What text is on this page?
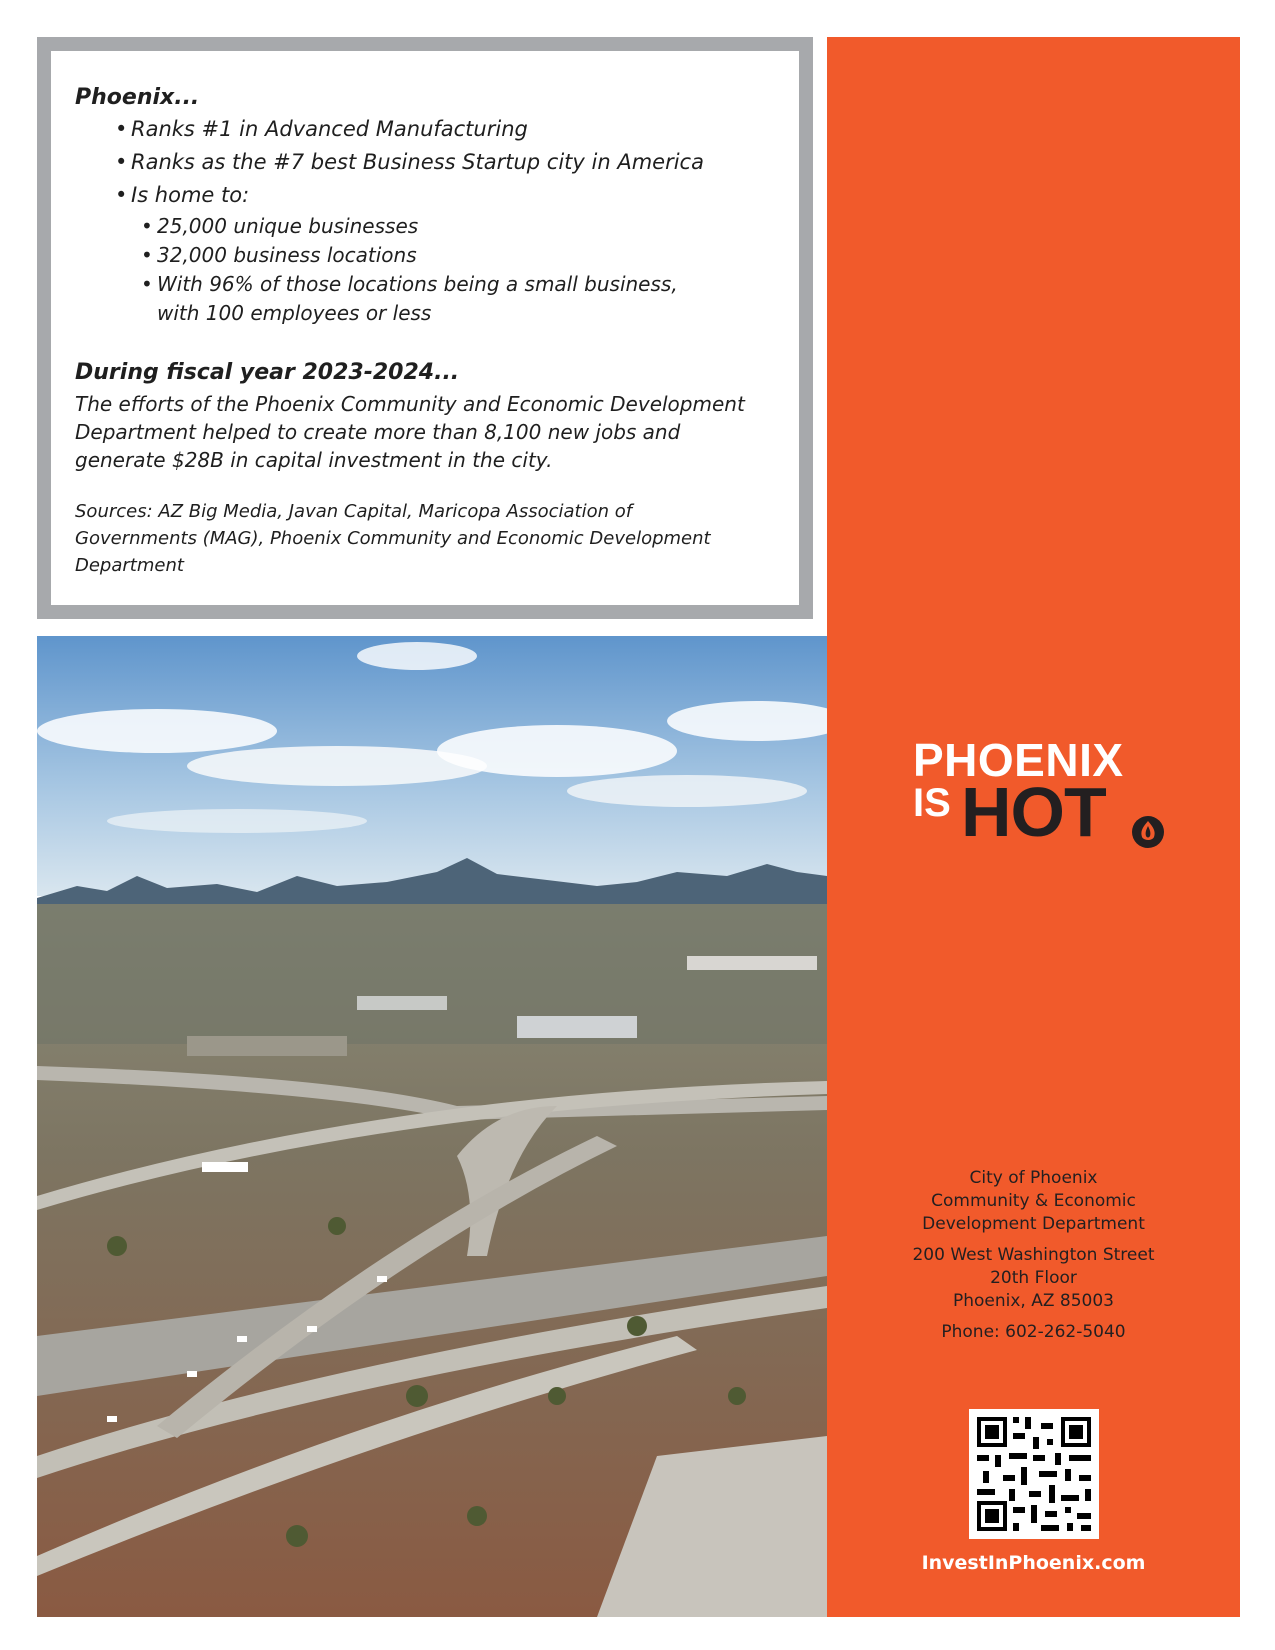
Phoenix...

• Ranks #1 in Advanced Manufacturing
• Ranks as the #7 best Business Startup city in America
• Is home to:
• 25,000 unique businesses
• 32,000 business locations
• With 96% of those locations being a small business, with 100 employees or less

During fiscal year 2023-2024...

The efforts of the Phoenix Community and Economic Development Department helped to create more than 8,100 new jobs and generate $28B in capital investment in the city.

Sources: AZ Big Media, Javan Capital, Maricopa Association of Governments (MAG), Phoenix Community and Economic Development Department

PHOENIX
IS HOT
City of Phoenix
Community & Economic
Development Department
200 West Washington Street
20th Floor
Phoenix, AZ 85003
Phone: 602-262-5040
InvestInPhoenix.com
